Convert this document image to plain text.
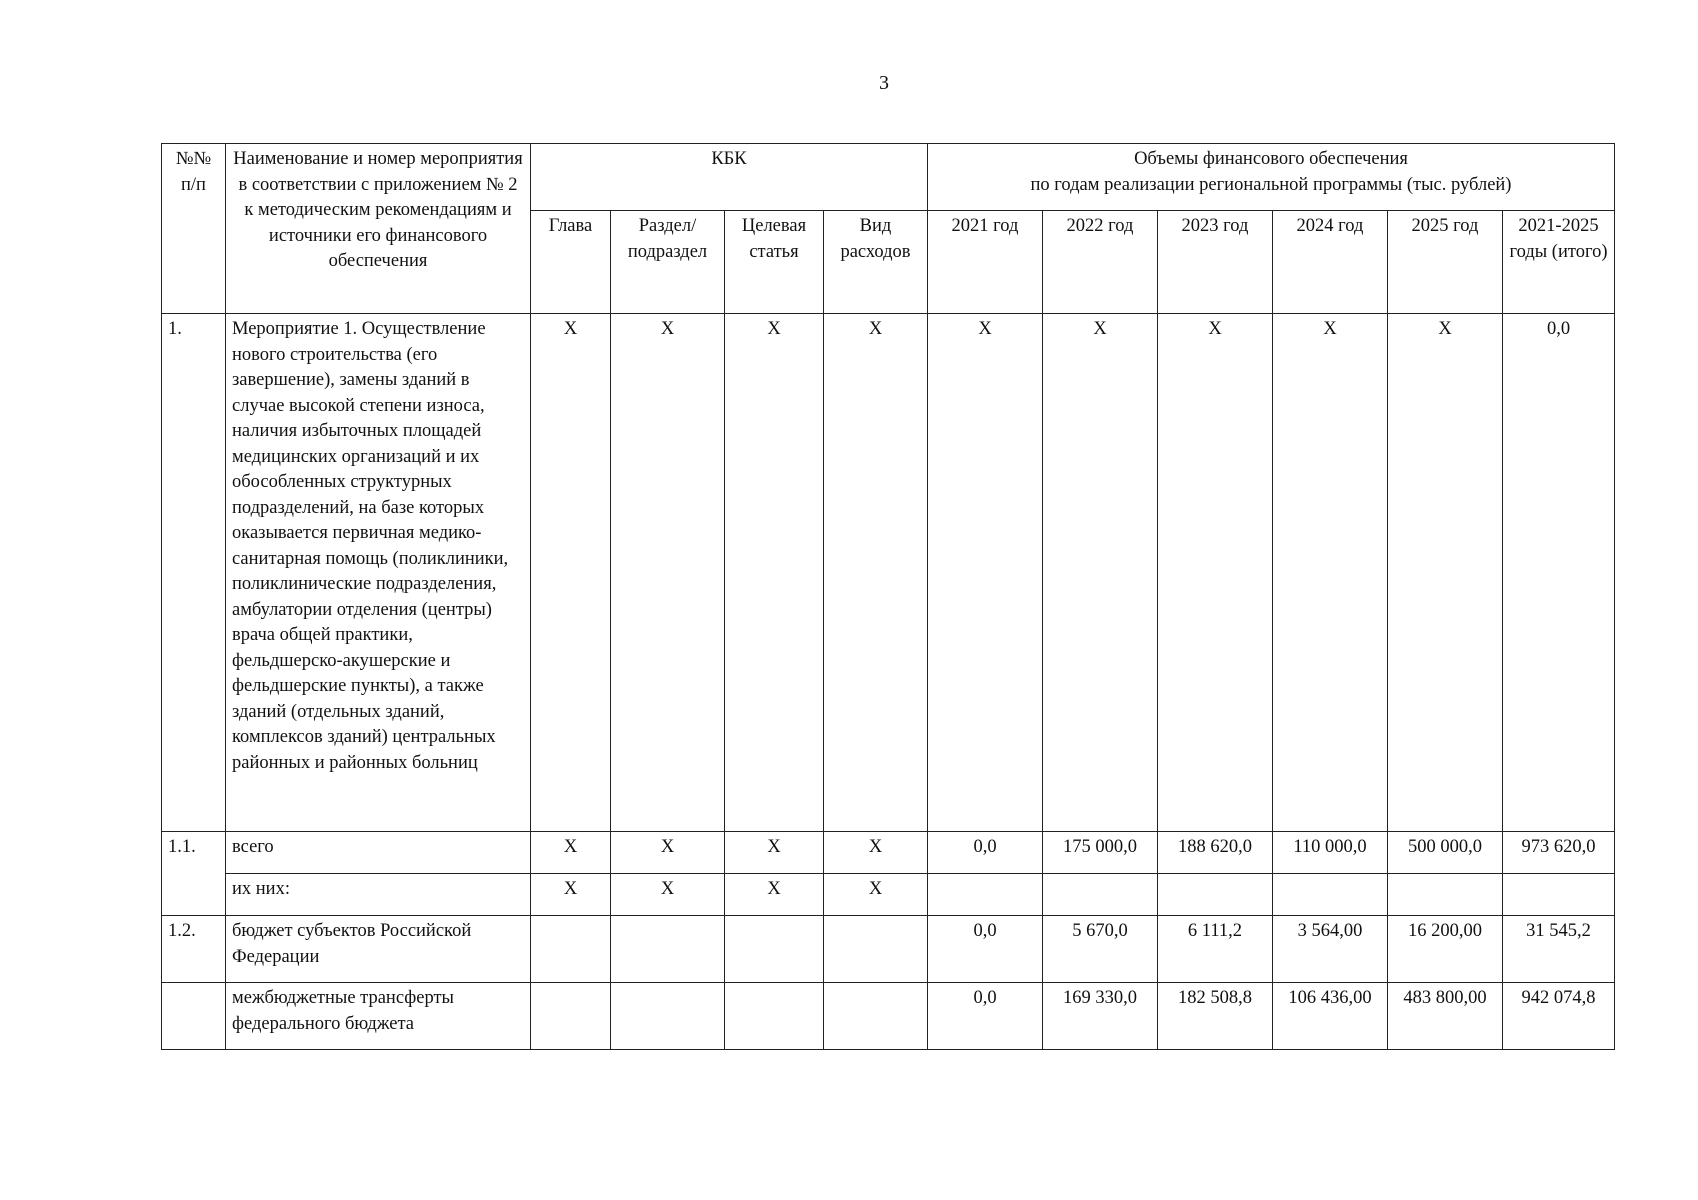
3
№№ п/п	Наименование и номер мероприятия в соответствии с приложением № 2 к методическим рекомендациям и источники его финансового обеспечения	КБК				Объемы финансового обеспечения
по годам реализации региональной программы (тыс. рублей)					

		Глава	Раздел/ подраздел	Целевая статья	Вид расходов	2021 год	2022 год	2023 год	2024 год	2025 год	2021-2025 годы (итого)
1.	Мероприятие 1. Осуществление нового строительства (его завершение), замены зданий в случае высокой степени износа, наличия избыточных площадей медицинских организаций и их обособленных структурных подразделений, на базе которых оказывается первичная медико-санитарная помощь (поликлиники, поликлинические подразделения, амбулатории отделения (центры) врача общей практики, фельдшерско-акушерские и фельдшерские пункты), а также зданий (отдельных зданий, комплексов зданий) центральных районных и районных больниц	X	X	X	X	X	X	X	X	X	0,0
1.1.	всего	X	X	X	X	0,0	175 000,0	188 620,0	110 000,0	500 000,0	973 620,0
	их них:	X	X	X	X						
1.2.	бюджет субъектов Российской Федерации					0,0	5 670,0	6 111,2	3 564,00	16 200,00	31 545,2
	межбюджетные трансферты федерального бюджета					0,0	169 330,0	182 508,8	106 436,00	483 800,00	942 074,8
